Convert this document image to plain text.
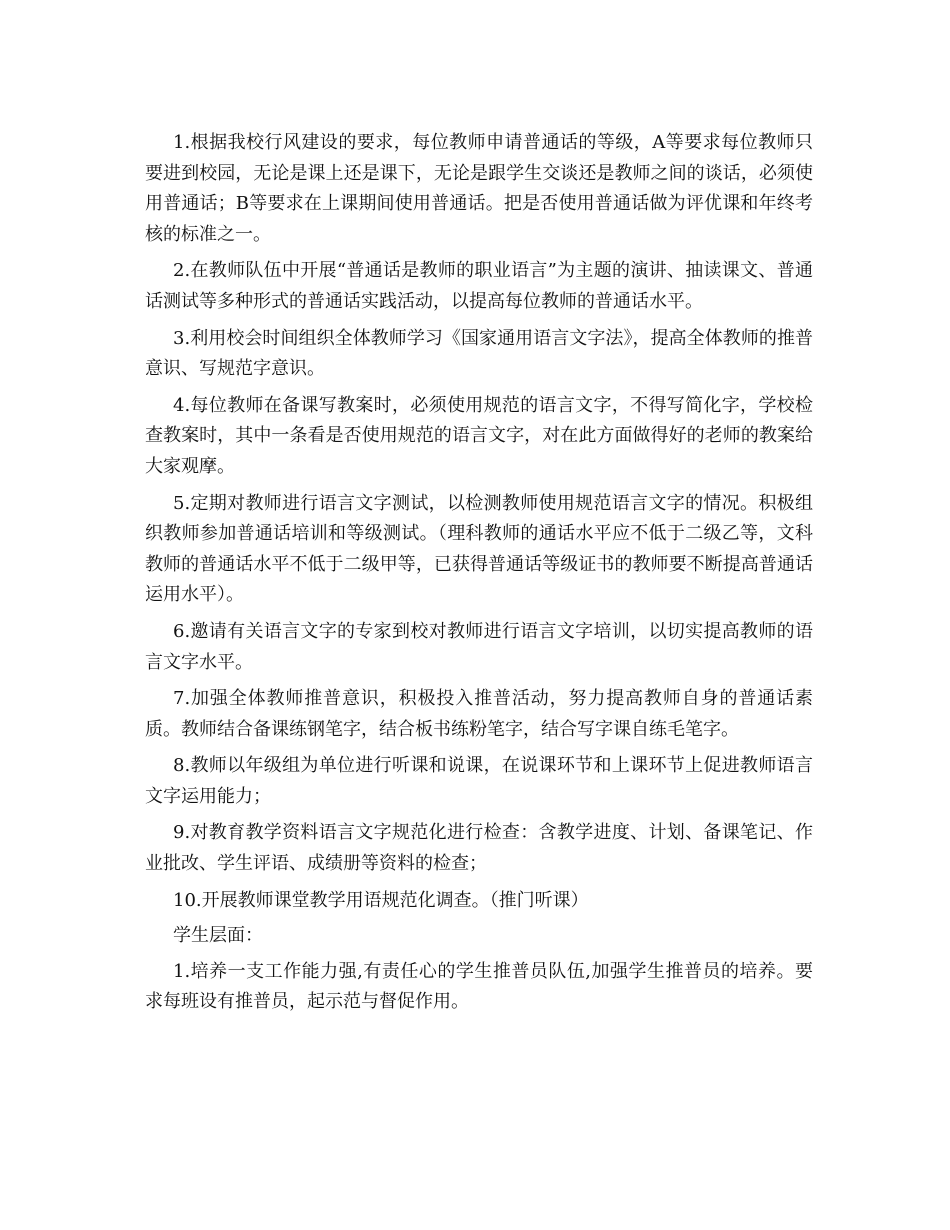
1.根据我校行风建设的要求，每位教师申请普通话的等级，A等要求每位教师只要进到校园，无论是课上还是课下，无论是跟学生交谈还是教师之间的谈话，必须使用普通话；B等要求在上课期间使用普通话。把是否使用普通话做为评优课和年终考核的标准之一。

2.在教师队伍中开展“普通话是教师的职业语言”为主题的演讲、抽读课文、普通话测试等多种形式的普通话实践活动，以提高每位教师的普通话水平。

3.利用校会时间组织全体教师学习《国家通用语言文字法》，提高全体教师的推普意识、写规范字意识。

4.每位教师在备课写教案时，必须使用规范的语言文字，不得写简化字，学校检查教案时，其中一条看是否使用规范的语言文字，对在此方面做得好的老师的教案给大家观摩。

5.定期对教师进行语言文字测试，以检测教师使用规范语言文字的情况。积极组织教师参加普通话培训和等级测试。（理科教师的通话水平应不低于二级乙等，文科教师的普通话水平不低于二级甲等，已获得普通话等级证书的教师要不断提高普通话运用水平）。

6.邀请有关语言文字的专家到校对教师进行语言文字培训，以切实提高教师的语言文字水平。

7.加强全体教师推普意识，积极投入推普活动，努力提高教师自身的普通话素质。教师结合备课练钢笔字，结合板书练粉笔字，结合写字课自练毛笔字。

8.教师以年级组为单位进行听课和说课，在说课环节和上课环节上促进教师语言文字运用能力；

9.对教育教学资料语言文字规范化进行检查：含教学进度、计划、备课笔记、作业批改、学生评语、成绩册等资料的检查；

10.开展教师课堂教学用语规范化调查。（推门听课）

学生层面：

1.培养一支工作能力强,有责任心的学生推普员队伍,加强学生推普员的培养。要求每班设有推普员，起示范与督促作用。
